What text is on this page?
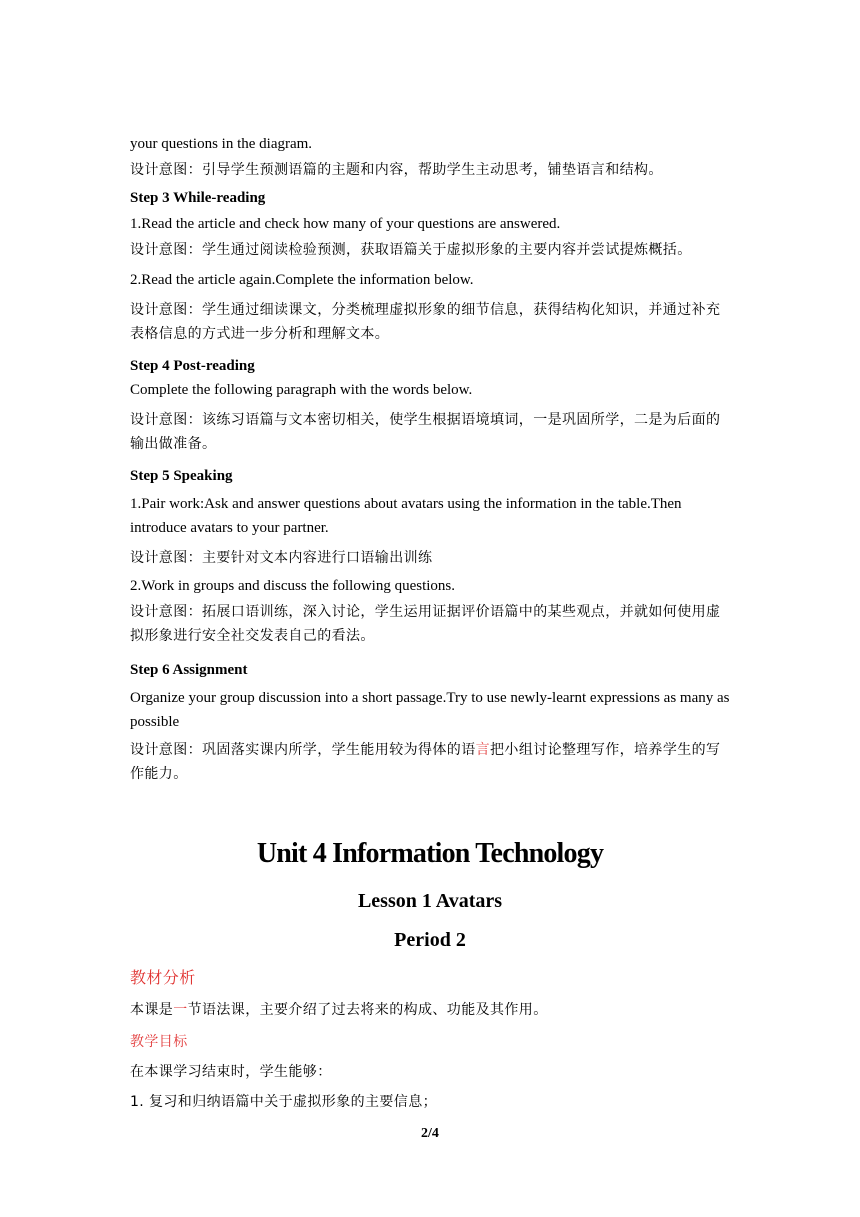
your questions in the diagram.

设计意图：引导学生预测语篇的主题和内容，帮助学生主动思考，铺垫语言和结构。

Step 3 While-reading

1.Read the article and check how many of your questions are answered.

设计意图：学生通过阅读检验预测，获取语篇关于虚拟形象的主要内容并尝试提炼概括。

2.Read the article again.Complete the information below.

设计意图：学生通过细读课文，分类梳理虚拟形象的细节信息，获得结构化知识，并通过补充表格信息的方式进一步分析和理解文本。

Step 4 Post-reading

Complete the following paragraph with the words below.

设计意图：该练习语篇与文本密切相关，使学生根据语境填词，一是巩固所学，二是为后面的输出做准备。

Step 5 Speaking

1.Pair work:Ask and answer questions about avatars using the information in the table.Then introduce avatars to your partner.

设计意图：主要针对文本内容进行口语输出训练

2.Work in groups and discuss the following questions.

设计意图：拓展口语训练，深入讨论，学生运用证据评价语篇中的某些观点，并就如何使用虚拟形象进行安全社交发表自己的看法。

Step 6 Assignment

Organize your group discussion into a short passage.Try to use newly-learnt expressions as many as possible

设计意图：巩固落实课内所学，学生能用较为得体的语言把小组讨论整理写作，培养学生的写作能力。

Unit 4 Information Technology
Lesson 1 Avatars
Period 2

教材分析

本课是一节语法课，主要介绍了过去将来的构成、功能及其作用。

教学目标

在本课学习结束时，学生能够：

1. 复习和归纳语篇中关于虚拟形象的主要信息；

2/4
